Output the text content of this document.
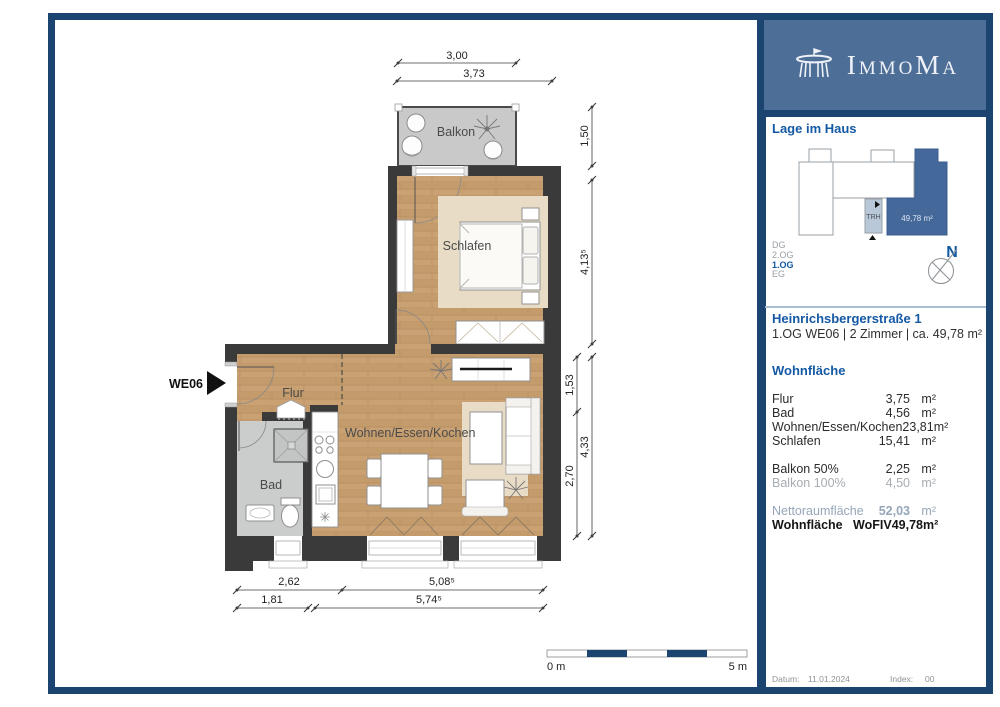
Balkon
Schlafen
Bad
Wohnen/Essen/Kochen
Flur
WE06
3,00
3,73
1,50
4,13⁵
1,53
4,33
2,70
2,62	5,08⁵
1,81	5,74⁵
0 m	5 m
ImmoMa
Lage im Haus
TRH	49,78 m²
N
DG
2.OG
1.OG
EG
Heinrichsbergerstraße 1
1.OG WE06 | 2 Zimmer | ca. 49,78 m²
Wohnfläche
Flur	3,75 m²
Bad	4,56 m²
Wohnen/Essen/Kochen 23,81 m²
Schlafen	15,41 m²
Balkon 50%	2,25 m²
Balkon 100%	4,50 m²
Nettoraumfläche	52,03 m²
Wohnfläche   WoFIV 49,78 m²
Datum: 11.01.2024	Index: 00
